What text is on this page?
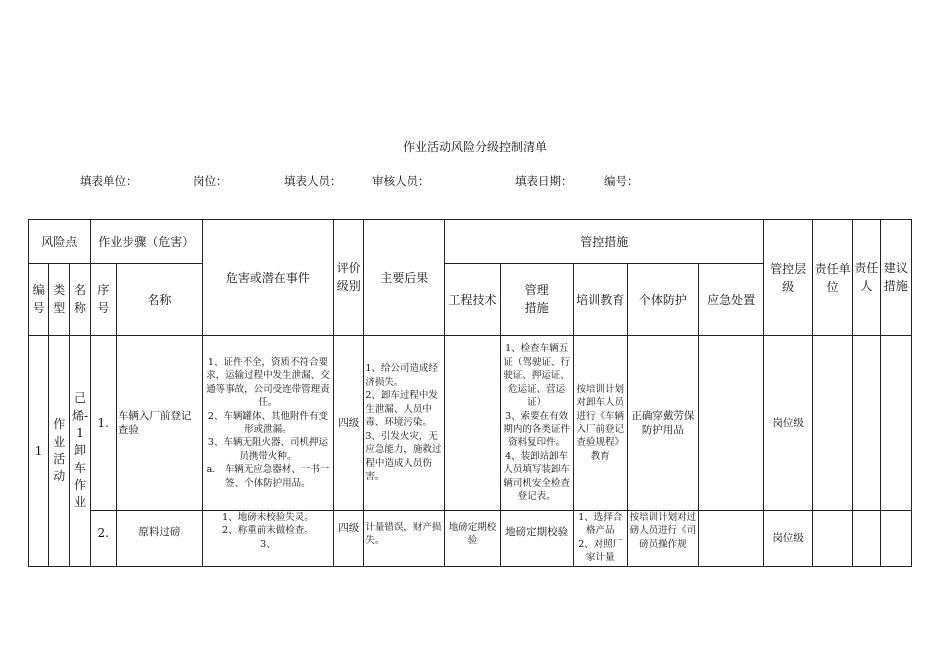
作业活动风险分级控制清单
填表单位：	岗位：	填表人员：	审核人员：	填表日期：	编号：
风险点			作业步骤（危害）		危害或潜在事件	评价级别	主要后果	管控措施					管控层级	责任单位	责任人	建议措施
编号	类型	名称	序号	名称				工程技术	管理措施	培训教育	个体防护	应急处置				
1	作业活动	己烯-1卸车作业	1.	车辆入厂前登记查验	1、证件不全，资质不符合要求，运输过程中发生泄漏、交通等事故，公司受连带管理责任。
2、车辆罐体、其他附件有变形或泄漏。
3、车辆无阻火器、司机押运员携带火种。
a.　车辆无应急器材、一书一签、个体防护用品。	四级	1、给公司造成经济损失。
2、卸车过程中发生泄漏、人员中毒、环境污染。
3、引发火灾，无应急能力，施救过程中造成人员伤害。		1、检查车辆五证（驾驶证、行驶证、押运证、危运证、营运证）
3、索要在有效期内的各类证件资料复印件。
4、装卸站卸车人员填写装卸车辆司机安全检查登记表。	按培训计划
对卸车人员进行《车辆入厂前登记查验规程》教育	正确穿戴劳保防护用品		岗位级			
			2.	原料过磅	1、地磅未校验失灵。
2、称重前未做检查。
3、	四级	计量错误，财产损失。	地磅定期校验	地磅定期校验	1、选择合格产品
2、对照厂家计量	按培训计划对过磅人员进行《司磅员操作规		岗位级			
